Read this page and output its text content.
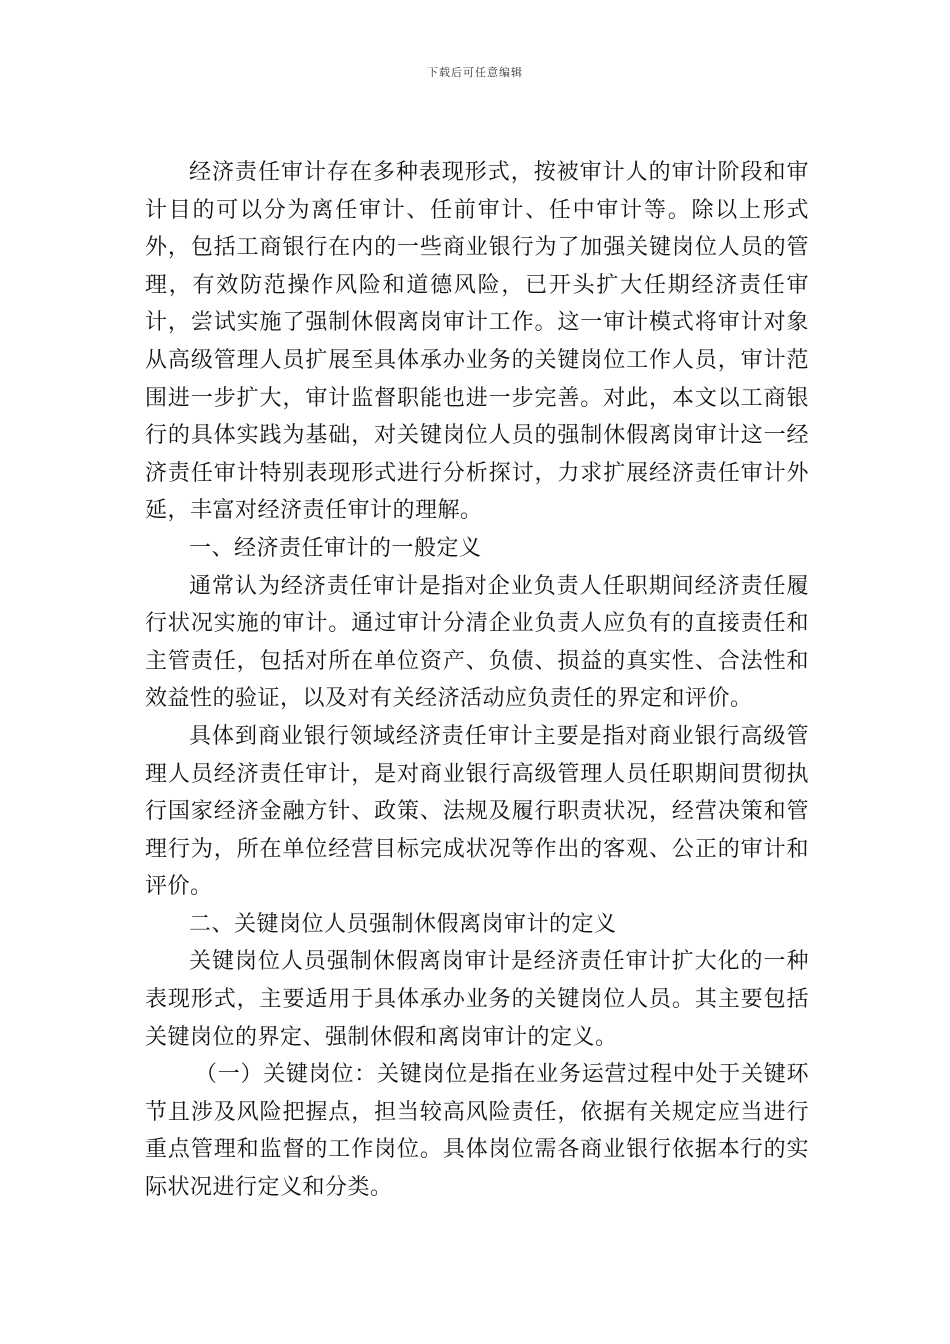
下载后可任意编辑

经济责任审计存在多种表现形式，按被审计人的审计阶段和审计目的可以分为离任审计、任前审计、任中审计等。除以上形式外，包括工商银行在内的一些商业银行为了加强关键岗位人员的管理，有效防范操作风险和道德风险，已开头扩大任期经济责任审计，尝试实施了强制休假离岗审计工作。这一审计模式将审计对象从高级管理人员扩展至具体承办业务的关键岗位工作人员，审计范围进一步扩大，审计监督职能也进一步完善。对此，本文以工商银行的具体实践为基础，对关键岗位人员的强制休假离岗审计这一经济责任审计特别表现形式进行分析探讨，力求扩展经济责任审计外延，丰富对经济责任审计的理解。

一、经济责任审计的一般定义

通常认为经济责任审计是指对企业负责人任职期间经济责任履行状况实施的审计。通过审计分清企业负责人应负有的直接责任和主管责任，包括对所在单位资产、负债、损益的真实性、合法性和效益性的验证，以及对有关经济活动应负责任的界定和评价。

具体到商业银行领域经济责任审计主要是指对商业银行高级管理人员经济责任审计，是对商业银行高级管理人员任职期间贯彻执行国家经济金融方针、政策、法规及履行职责状况，经营决策和管理行为，所在单位经营目标完成状况等作出的客观、公正的审计和评价。

二、关键岗位人员强制休假离岗审计的定义

关键岗位人员强制休假离岗审计是经济责任审计扩大化的一种表现形式，主要适用于具体承办业务的关键岗位人员。其主要包括关键岗位的界定、强制休假和离岗审计的定义。

（一）关键岗位：关键岗位是指在业务运营过程中处于关键环节且涉及风险把握点，担当较高风险责任，依据有关规定应当进行重点管理和监督的工作岗位。具体岗位需各商业银行依据本行的实际状况进行定义和分类。
